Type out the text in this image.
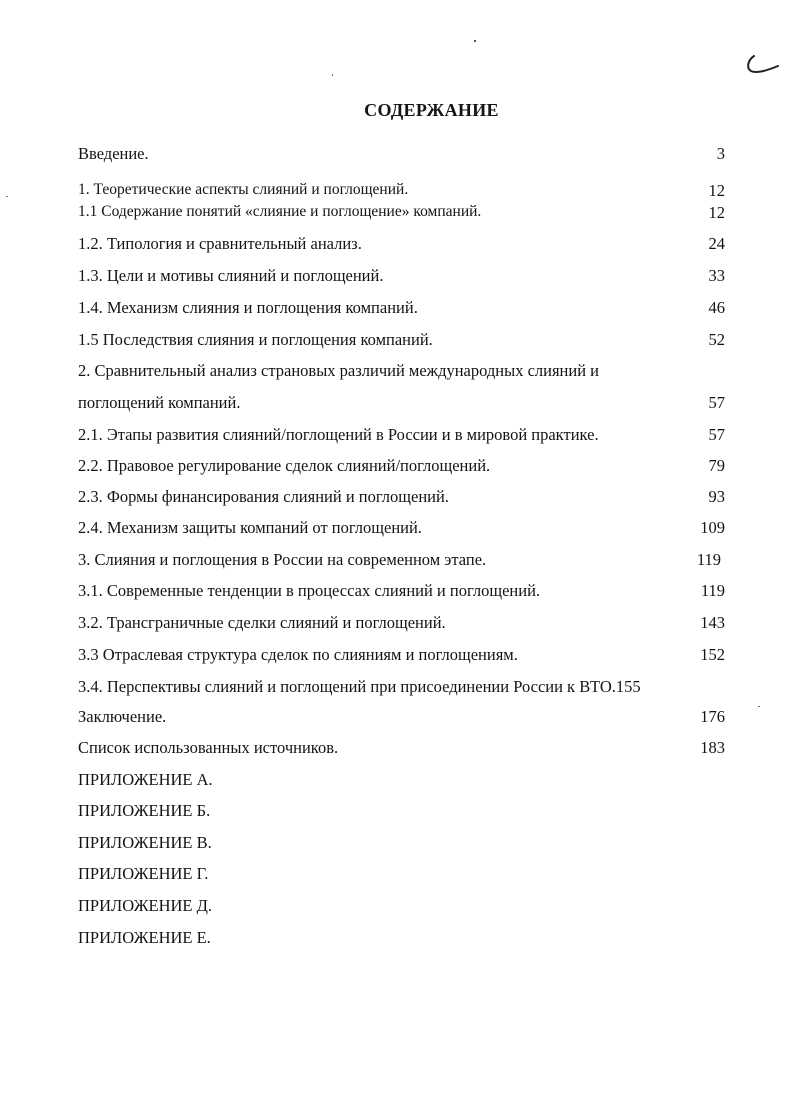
СОДЕРЖАНИЕ
Введение.	3
1. Теоретические аспекты слияний и поглощений.	12
1.1 Содержание понятий «слияние и поглощение» компаний.	12
1.2. Типология и сравнительный анализ.	24
1.3. Цели и мотивы слияний и поглощений.	33
1.4. Механизм слияния и поглощения компаний.	46
1.5 Последствия слияния и поглощения компаний.	52
2. Сравнительный анализ страновых различий международных слияний и
поглощений компаний.	57
2.1. Этапы развития слияний/поглощений в России и в мировой практике.	57
2.2. Правовое регулирование сделок слияний/поглощений.	79
2.3. Формы финансирования слияний и поглощений.	93
2.4. Механизм защиты компаний от поглощений.	109
3. Слияния и поглощения в России на современном этапе.	119
3.1. Современные тенденции в процессах слияний и поглощений.	119
3.2. Трансграничные сделки слияний и поглощений.	143
3.3 Отраслевая структура сделок по слияниям и поглощениям.	152
3.4. Перспективы слияний и поглощений при присоединении России к ВТО.155
Заключение.	176
Список использованных источников.	183
ПРИЛОЖЕНИЕ А.
ПРИЛОЖЕНИЕ Б.
ПРИЛОЖЕНИЕ В.
ПРИЛОЖЕНИЕ Г.
ПРИЛОЖЕНИЕ Д.
ПРИЛОЖЕНИЕ Е.
